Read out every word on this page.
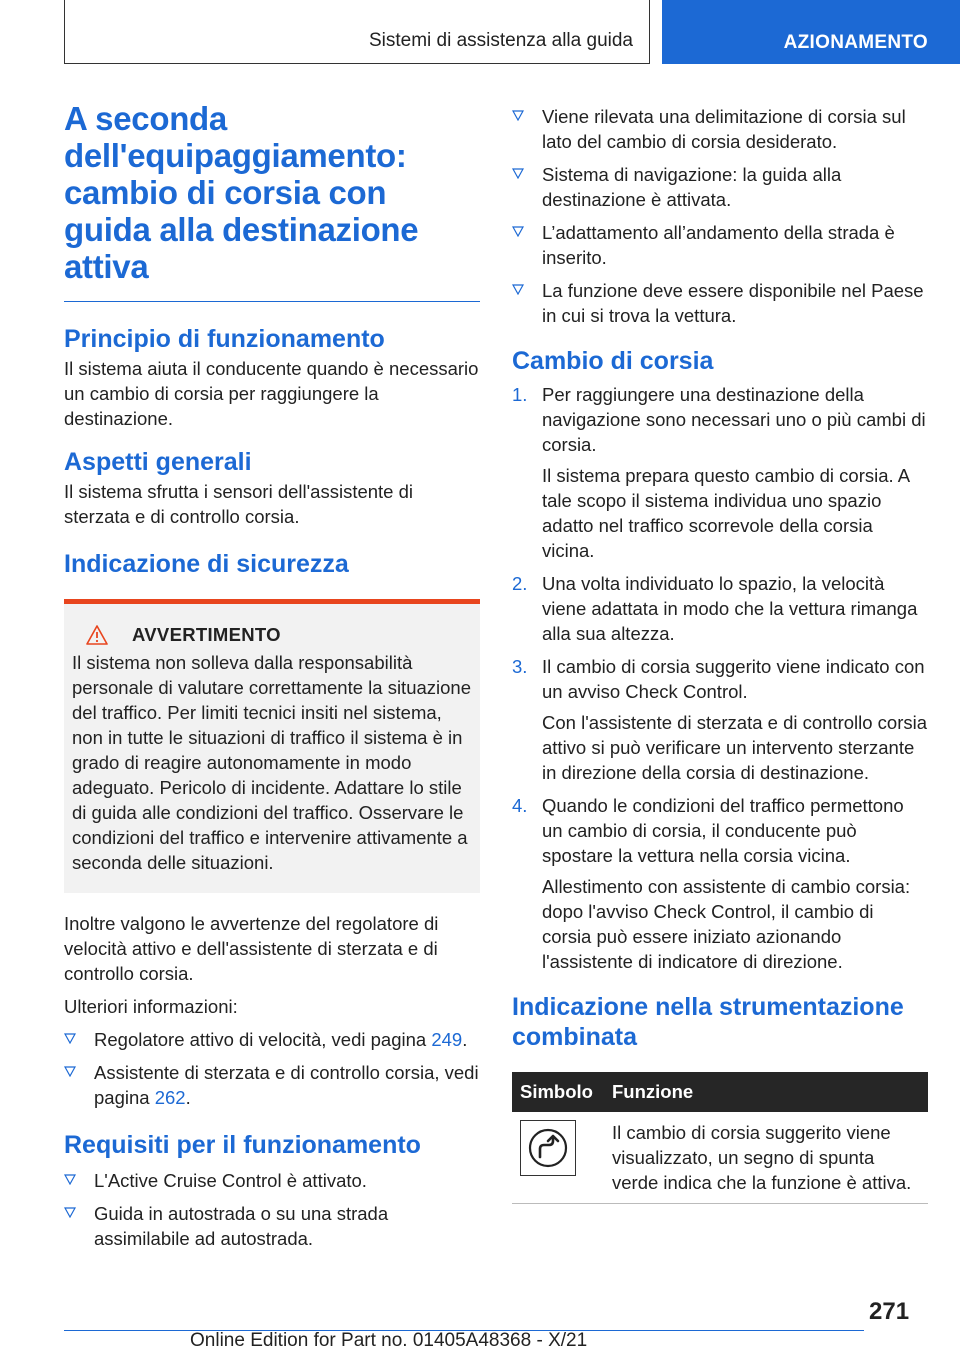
Sistemi di assistenza alla guida	AZIONAMENTO
A seconda dell'equipaggiamento: cambio di corsia con guida alla destinazione attiva
Principio di funzionamento

Il sistema aiuta il conducente quando è necessario un cambio di corsia per raggiungere la destinazione.

Aspetti generali

Il sistema sfrutta i sensori dell'assistente di sterzata e di controllo corsia.

Indicazione di sicurezza
AVVERTIMENTO

Il sistema non solleva dalla responsabilità personale di valutare correttamente la situazione del traffico. Per limiti tecnici insiti nel sistema, non in tutte le situazioni di traffico il sistema è in grado di reagire autonomamente in modo adeguato. Pericolo di incidente. Adattare lo stile di guida alle condizioni del traffico. Osservare le condizioni del traffico e intervenire attivamente a seconda delle situazioni.

Inoltre valgono le avvertenze del regolatore di velocità attivo e dell'assistente di sterzata e di controllo corsia.

Ulteriori informazioni:

Regolatore attivo di velocità, vedi pagina 249.
Assistente di sterzata e di controllo corsia, vedi pagina 262.
Requisiti per il funzionamento
L'Active Cruise Control è attivato.
Guida in autostrada o su una strada assimilabile ad autostrada.
Viene rilevata una delimitazione di corsia sul lato del cambio di corsia desiderato.
Sistema di navigazione: la guida alla destinazione è attivata.
L’adattamento all’andamento della strada è inserito.
La funzione deve essere disponibile nel Paese in cui si trova la vettura.
Cambio di corsia
1. Per raggiungere una destinazione della navigazione sono necessari uno o più cambi di corsia.
Il sistema prepara questo cambio di corsia. A tale scopo il sistema individua uno spazio adatto nel traffico scorrevole della corsia vicina.
2. Una volta individuato lo spazio, la velocità viene adattata in modo che la vettura rimanga alla sua altezza.
3. Il cambio di corsia suggerito viene indicato con un avviso Check Control.
Con l'assistente di sterzata e di controllo corsia attivo si può verificare un intervento sterzante in direzione della corsia di destinazione.
4. Quando le condizioni del traffico permettono un cambio di corsia, il conducente può spostare la vettura nella corsia vicina.
Allestimento con assistente di cambio corsia: dopo l'avviso Check Control, il cambio di corsia può essere iniziato azionando l'assistente di indicatore di direzione.
Indicazione nella strumentazione combinata
Simbolo	Funzione

	Il cambio di corsia suggerito viene visualizzato, un segno di spunta verde indica che la funzione è attiva.
271
Online Edition for Part no. 01405A48368 - X/21
